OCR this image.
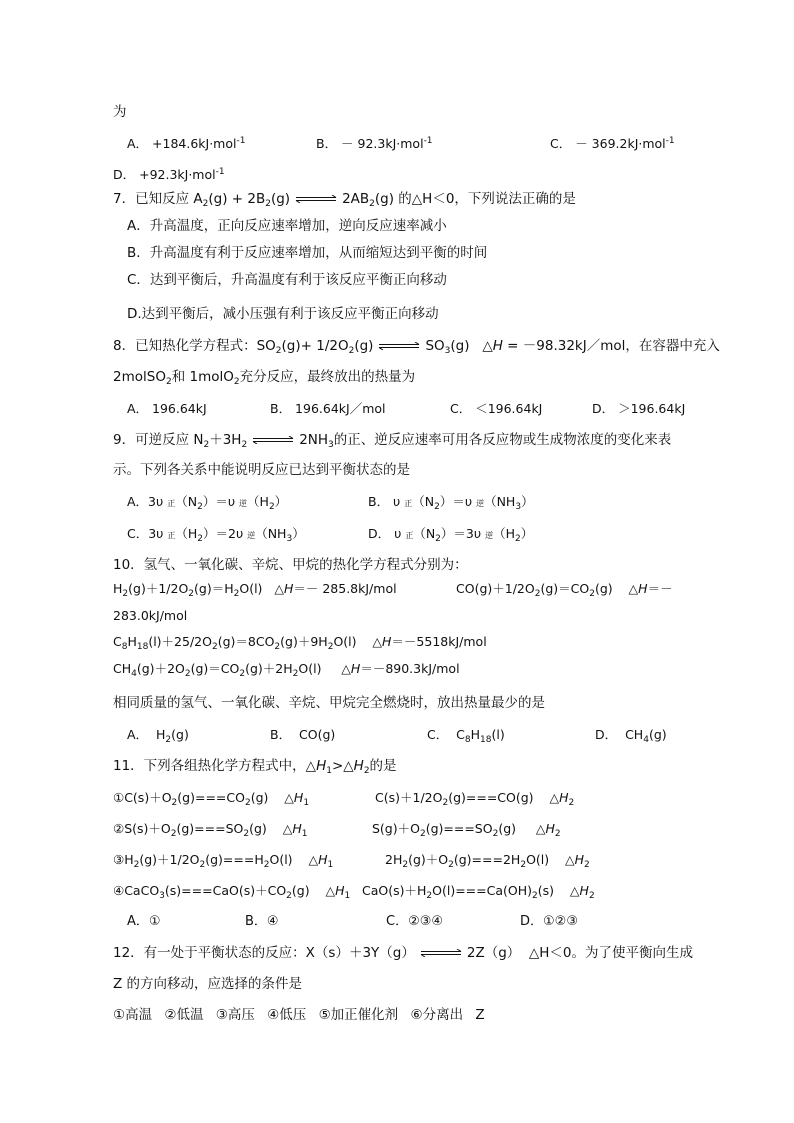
为
A． +184.6kJ·mol$^{-1}$	B． － 92.3kJ·mol$^{-1}$	C． － 369.2kJ·mol$^{-1}$
D． +92.3kJ·mol$^{-1}$
7．已知反应 $A_2(g) + 2B_2(g)$ ⇌ $2AB_2(g)$ 的△H＜0，下列说法正确的是
A．升高温度，正向反应速率增加，逆向反应速率减小
B．升高温度有利于反应速率增加，从而缩短达到平衡的时间
C．达到平衡后，升高温度有利于该反应平衡正向移动
D.达到平衡后，减小压强有利于该反应平衡正向移动
8．已知热化学方程式：$SO_2(g)+ 1/2O_2(g)$ ⇌ $SO_3(g)$   △H = －98.32kJ／mol，在容器中充入
2molSO$_2$和 1molO$_2$充分反应，最终放出的热量为
A． 196.64kJ	B． 196.64kJ／mol	C． ＜196.64kJ	D． ＞196.64kJ
9．可逆反应 $N_2+3H_2$ ⇌ $2NH_3$的正、逆反应速率可用各反应物或生成物浓度的变化来表
示。下列各关系中能说明反应已达到平衡状态的是
A．3υ 正$(N_2)=\upsilon$ 逆$(H_2)$	B． υ 正$(N_2)=\upsilon$ 逆$(NH_3)$
C．3υ 正$(H_2)=2\upsilon$ 逆$(NH_3)$	D． υ 正$(N_2)=3\upsilon$ 逆$(H_2)$
10．氢气、一氧化碳、辛烷、甲烷的热化学方程式分别为：
$H_2(g)+1/2O_2(g)=H_2O(l)$   △H＝－ 285.8kJ/mol	$CO(g)+1/2O_2(g)=CO_2(g)$    △H＝－
283.0kJ/mol
$C_8H_{18}(l)+25/2O_2(g)=8CO_2(g)+9H_2O(l)$    △H＝－5518kJ/mol
$CH_4(g)+2O_2(g)=CO_2(g)+2H_2O(l)$     △H＝－890.3kJ/mol
相同质量的氢气、一氧化碳、辛烷、甲烷完全燃烧时，放出热量最少的是
A．  $H_2(g)$	B．  CO(g)	C．  $C_8H_{18}(l)$	D．  $CH_4(g)$
11．下列各组热化学方程式中，$\triangle H_1>\triangle H_2$的是
$①C(s)+O_2(g)===CO_2(g)$    $\triangle H_1$	$C(s)+1/2O_2(g)===CO(g)$    $\triangle H_2$
$②S(s)+O_2(g)===SO_2(g)$    $\triangle H_1$	$S(g)+O_2(g)===SO_2(g)$     $\triangle H_2$
$③H_2(g)+1/2O_2(g)===H_2O(l)$    $\triangle H_1$	$2H_2(g)+O_2(g)===2H_2O(l)$    $\triangle H_2$
$④CaCO_3(s)===CaO(s)+CO_2(g)$    $\triangle H_1$ $CaO(s)+H_2O(l)===Ca(OH)_2(s)$    $\triangle H_2$
A．①	B．④	C．②③④	D．①②③
12．有一处于平衡状态的反应：X（s）＋3Y（g） ⇌ 2Z（g）  △H＜0。为了使平衡向生成
Z 的方向移动，应选择的条件是
①高温 ②低温 ③高压 ④低压 ⑤加正催化剂 ⑥分离出 Z
